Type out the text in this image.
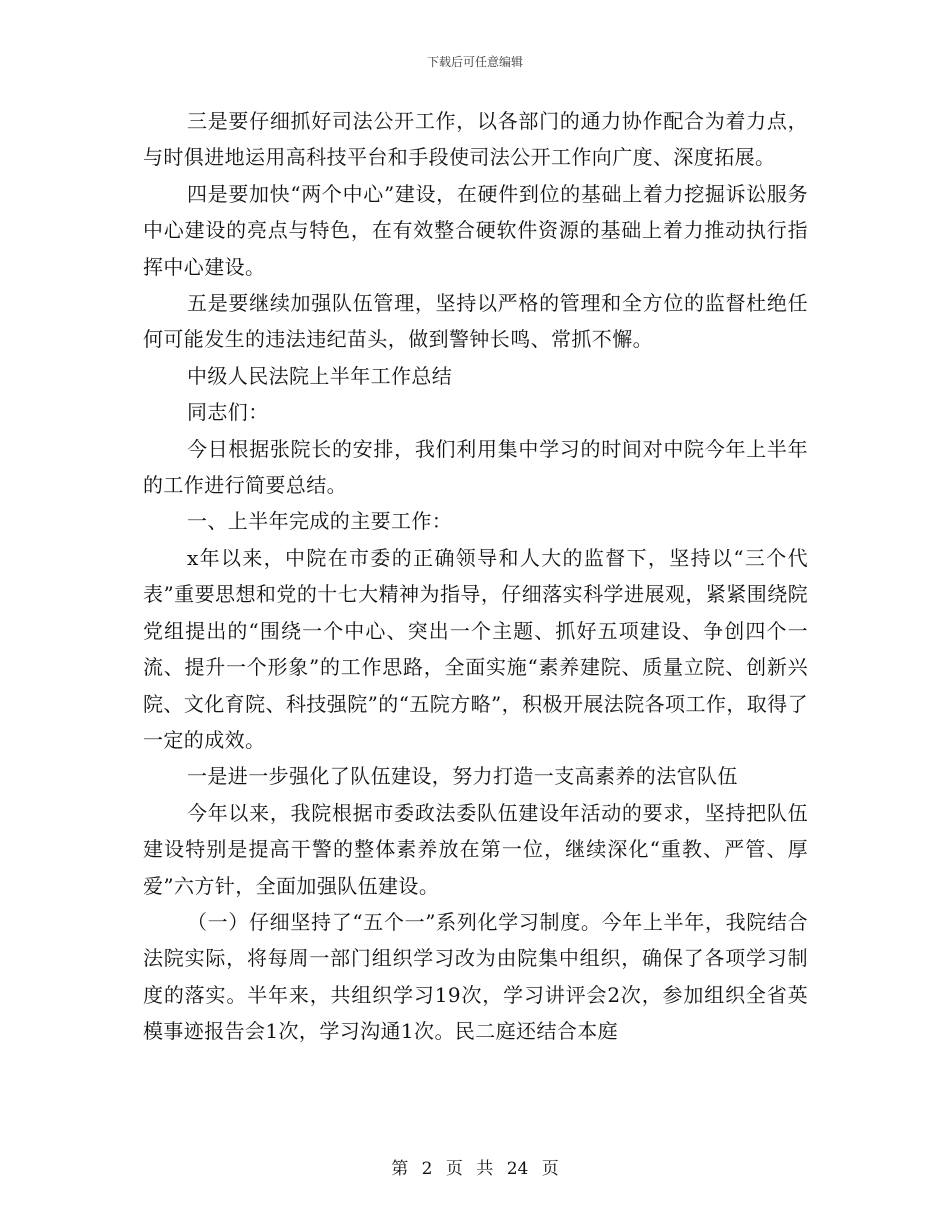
下载后可任意编辑

三是要仔细抓好司法公开工作，以各部门的通力协作配合为着力点，与时俱进地运用高科技平台和手段使司法公开工作向广度、深度拓展。

四是要加快“两个中心”建设，在硬件到位的基础上着力挖掘诉讼服务中心建设的亮点与特色，在有效整合硬软件资源的基础上着力推动执行指挥中心建设。

五是要继续加强队伍管理，坚持以严格的管理和全方位的监督杜绝任何可能发生的违法违纪苗头，做到警钟长鸣、常抓不懈。

中级人民法院上半年工作总结

同志们：

今日根据张院长的安排，我们利用集中学习的时间对中院今年上半年的工作进行简要总结。

一、上半年完成的主要工作：

x年以来，中院在市委的正确领导和人大的监督下，坚持以“三个代表”重要思想和党的十七大精神为指导，仔细落实科学进展观，紧紧围绕院党组提出的“围绕一个中心、突出一个主题、抓好五项建设、争创四个一流、提升一个形象”的工作思路，全面实施“素养建院、质量立院、创新兴院、文化育院、科技强院”的“五院方略”，积极开展法院各项工作，取得了一定的成效。

一是进一步强化了队伍建设，努力打造一支高素养的法官队伍

今年以来，我院根据市委政法委队伍建设年活动的要求，坚持把队伍建设特别是提高干警的整体素养放在第一位，继续深化“重教、严管、厚爱”六方针，全面加强队伍建设。

（一）仔细坚持了“五个一”系列化学习制度。今年上半年，我院结合法院实际，将每周一部门组织学习改为由院集中组织，确保了各项学习制度的落实。半年来，共组织学习19次，学习讲评会2次，参加组织全省英模事迹报告会1次，学习沟通1次。民二庭还结合本庭

第 2 页 共 24 页
